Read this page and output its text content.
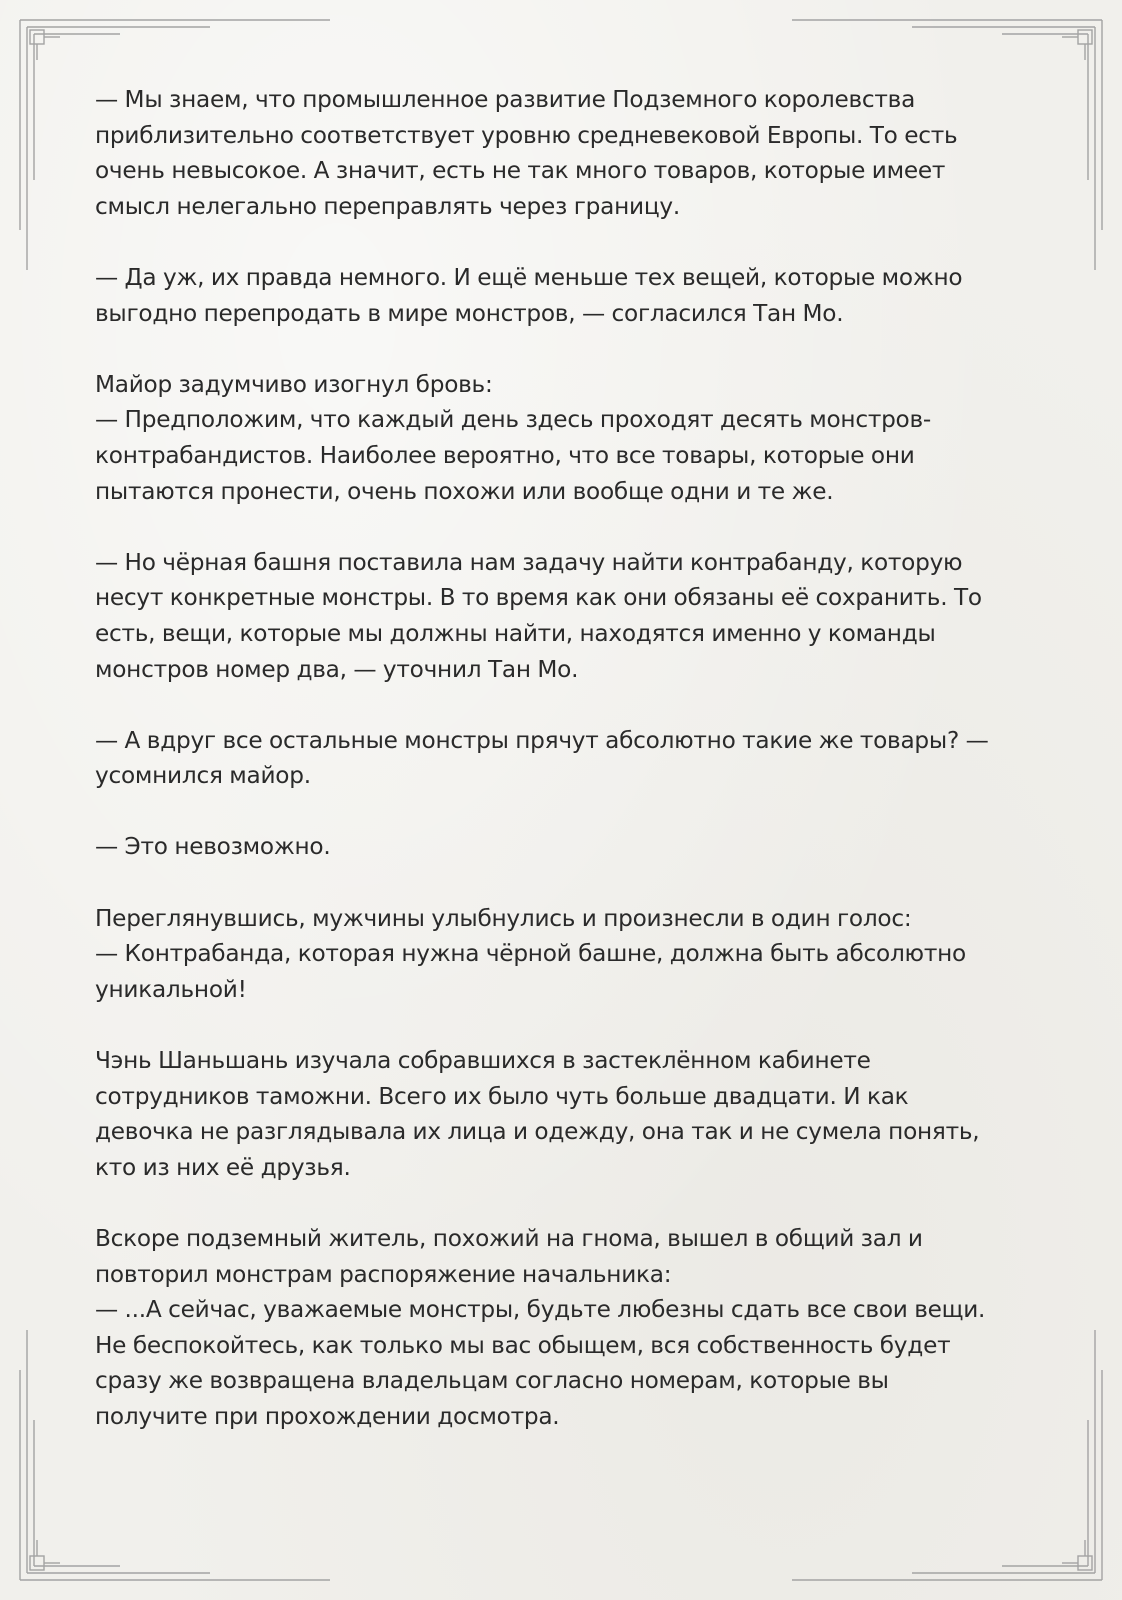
— Мы знаем, что промышленное развитие Подземного королевства
приблизительно соответствует уровню средневековой Европы. То есть
очень невысокое. А значит, есть не так много товаров, которые имеет
смысл нелегально переправлять через границу.

— Да уж, их правда немного. И ещё меньше тех вещей, которые можно
выгодно перепродать в мире монстров, — согласился Тан Мо.

Майор задумчиво изогнул бровь:
— Предположим, что каждый день здесь проходят десять монстров-
контрабандистов. Наиболее вероятно, что все товары, которые они
пытаются пронести, очень похожи или вообще одни и те же.

— Но чёрная башня поставила нам задачу найти контрабанду, которую
несут конкретные монстры. В то время как они обязаны её сохранить. То
есть, вещи, которые мы должны найти, находятся именно у команды
монстров номер два, — уточнил Тан Мо.

— А вдруг все остальные монстры прячут абсолютно такие же товары? —
усомнился майор.

— Это невозможно.

Переглянувшись, мужчины улыбнулись и произнесли в один голос:
— Контрабанда, которая нужна чёрной башне, должна быть абсолютно
уникальной!

Чэнь Шаньшань изучала собравшихся в застеклённом кабинете
сотрудников таможни. Всего их было чуть больше двадцати. И как
девочка не разглядывала их лица и одежду, она так и не сумела понять,
кто из них её друзья.

Вскоре подземный житель, похожий на гнома, вышел в общий зал и
повторил монстрам распоряжение начальника:
— ...А сейчас, уважаемые монстры, будьте любезны сдать все свои вещи.
Не беспокойтесь, как только мы вас обыщем, вся собственность будет
сразу же возвращена владельцам согласно номерам, которые вы
получите при прохождении досмотра.
